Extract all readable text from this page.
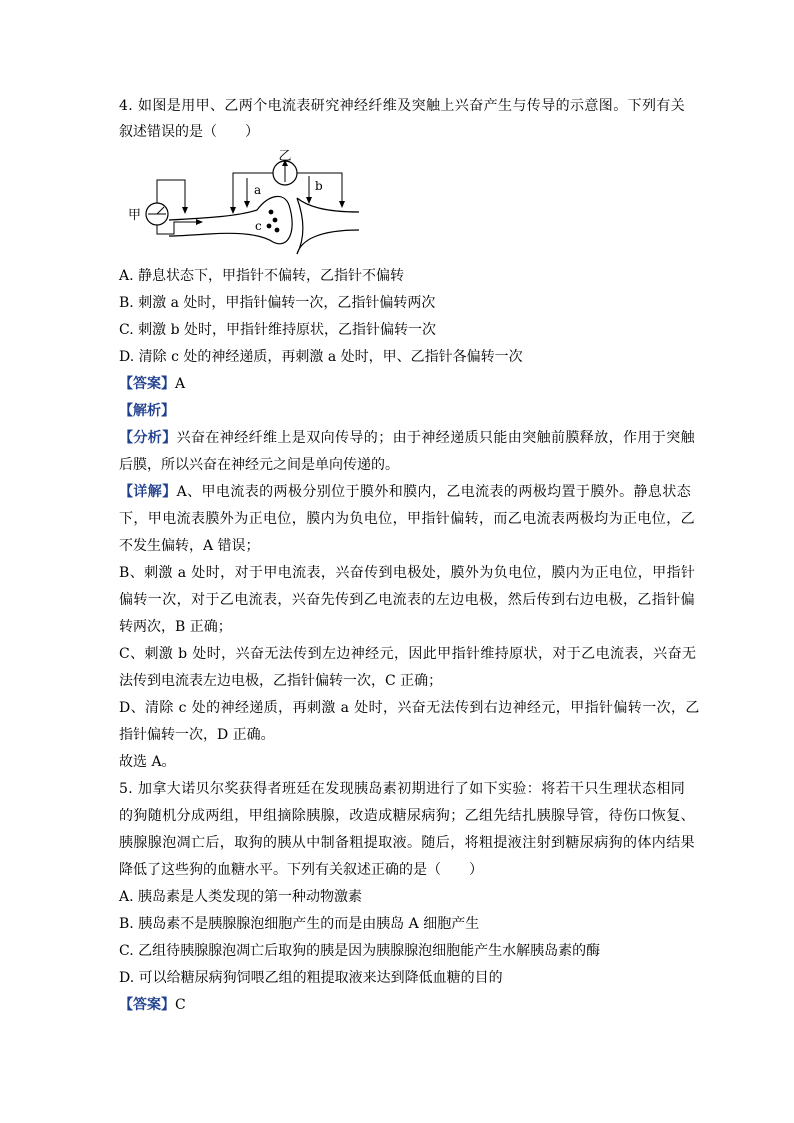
4. 如图是用甲、乙两个电流表研究神经纤维及突触上兴奋产生与传导的示意图。下列有关
叙述错误的是（　　）
甲
c
乙
a	b
A. 静息状态下，甲指针不偏转，乙指针不偏转
B. 刺激 a 处时，甲指针偏转一次，乙指针偏转两次
C. 刺激 b 处时，甲指针维持原状，乙指针偏转一次
D. 清除 c 处的神经递质，再刺激 a 处时，甲、乙指针各偏转一次
【答案】A
【解析】
【分析】兴奋在神经纤维上是双向传导的；由于神经递质只能由突触前膜释放，作用于突触
后膜，所以兴奋在神经元之间是单向传递的。
【详解】A、甲电流表的两极分别位于膜外和膜内，乙电流表的两极均置于膜外。静息状态
下，甲电流表膜外为正电位，膜内为负电位，甲指针偏转，而乙电流表两极均为正电位，乙
不发生偏转，A 错误；
B、刺激 a 处时，对于甲电流表，兴奋传到电极处，膜外为负电位，膜内为正电位，甲指针
偏转一次，对于乙电流表，兴奋先传到乙电流表的左边电极，然后传到右边电极，乙指针偏
转两次，B 正确；
C、刺激 b 处时，兴奋无法传到左边神经元，因此甲指针维持原状，对于乙电流表，兴奋无
法传到电流表左边电极，乙指针偏转一次，C 正确；
D、清除 c 处的神经递质，再刺激 a 处时，兴奋无法传到右边神经元，甲指针偏转一次，乙
指针偏转一次，D 正确。
故选 A。
5. 加拿大诺贝尔奖获得者班廷在发现胰岛素初期进行了如下实验：将若干只生理状态相同
的狗随机分成两组，甲组摘除胰腺，改造成糖尿病狗；乙组先结扎胰腺导管，待伤口恢复、
胰腺腺泡凋亡后，取狗的胰从中制备粗提取液。随后，将粗提液注射到糖尿病狗的体内结果
降低了这些狗的血糖水平。下列有关叙述正确的是（　　）
A. 胰岛素是人类发现的第一种动物激素
B. 胰岛素不是胰腺腺泡细胞产生的而是由胰岛 A 细胞产生
C. 乙组待胰腺腺泡凋亡后取狗的胰是因为胰腺腺泡细胞能产生水解胰岛素的酶
D. 可以给糖尿病狗饲喂乙组的粗提取液来达到降低血糖的目的
【答案】C
